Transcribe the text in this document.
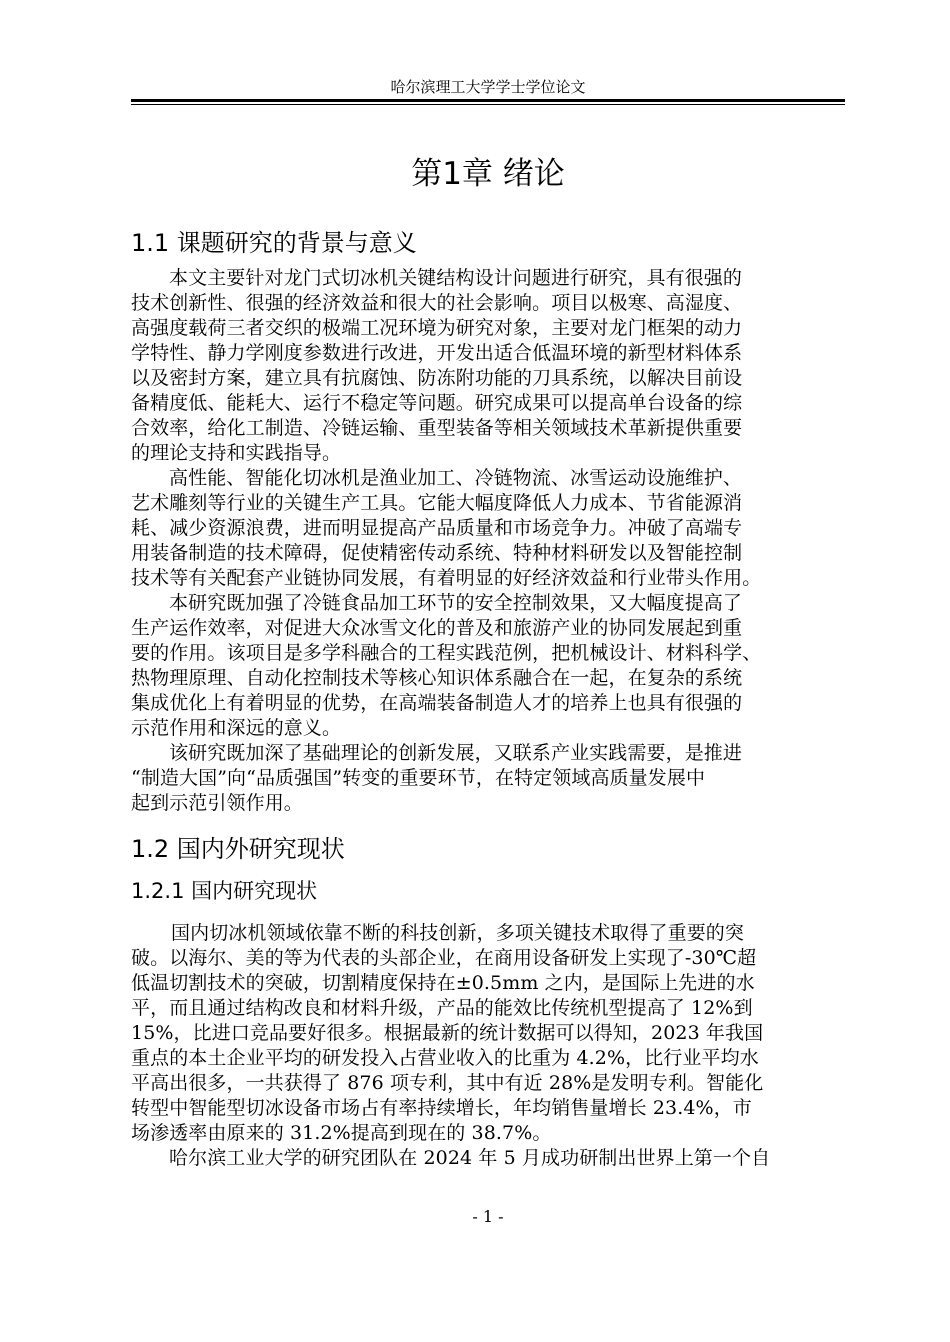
哈尔滨理工大学学士学位论文
第1章 绪论
1.1 课题研究的背景与意义
本文主要针对龙门式切冰机关键结构设计问题进行研究，具有很强的
技术创新性、很强的经济效益和很大的社会影响。项目以极寒、高湿度、
高强度载荷三者交织的极端工况环境为研究对象，主要对龙门框架的动力
学特性、静力学刚度参数进行改进，开发出适合低温环境的新型材料体系
以及密封方案，建立具有抗腐蚀、防冻附功能的刀具系统，以解决目前设
备精度低、能耗大、运行不稳定等问题。研究成果可以提高单台设备的综
合效率，给化工制造、冷链运输、重型装备等相关领域技术革新提供重要
的理论支持和实践指导。
高性能、智能化切冰机是渔业加工、冷链物流、冰雪运动设施维护、
艺术雕刻等行业的关键生产工具。它能大幅度降低人力成本、节省能源消
耗、减少资源浪费，进而明显提高产品质量和市场竞争力。冲破了高端专
用装备制造的技术障碍，促使精密传动系统、特种材料研发以及智能控制
技术等有关配套产业链协同发展，有着明显的好经济效益和行业带头作用。
本研究既加强了冷链食品加工环节的安全控制效果，又大幅度提高了
生产运作效率，对促进大众冰雪文化的普及和旅游产业的协同发展起到重
要的作用。该项目是多学科融合的工程实践范例，把机械设计、材料科学、
热物理原理、自动化控制技术等核心知识体系融合在一起，在复杂的系统
集成优化上有着明显的优势，在高端装备制造人才的培养上也具有很强的
示范作用和深远的意义。
该研究既加深了基础理论的创新发展，又联系产业实践需要，是推进
“制造大国”向“品质强国”转变的重要环节，在特定领域高质量发展中
起到示范引领作用。
1.2 国内外研究现状
1.2.1 国内研究现状
国内切冰机领域依靠不断的科技创新，多项关键技术取得了重要的突
破。以海尔、美的等为代表的头部企业，在商用设备研发上实现了-30℃超
低温切割技术的突破，切割精度保持在±0.5mm 之内，是国际上先进的水
平，而且通过结构改良和材料升级，产品的能效比传统机型提高了 12%到
15%，比进口竞品要好很多。根据最新的统计数据可以得知，2023 年我国
重点的本土企业平均的研发投入占营业收入的比重为 4.2%，比行业平均水
平高出很多，一共获得了 876 项专利，其中有近 28%是发明专利。智能化
转型中智能型切冰设备市场占有率持续增长，年均销售量增长 23.4%，市
场渗透率由原来的 31.2%提高到现在的 38.7%。
哈尔滨工业大学的研究团队在 2024 年 5 月成功研制出世界上第一个自
- 1 -
